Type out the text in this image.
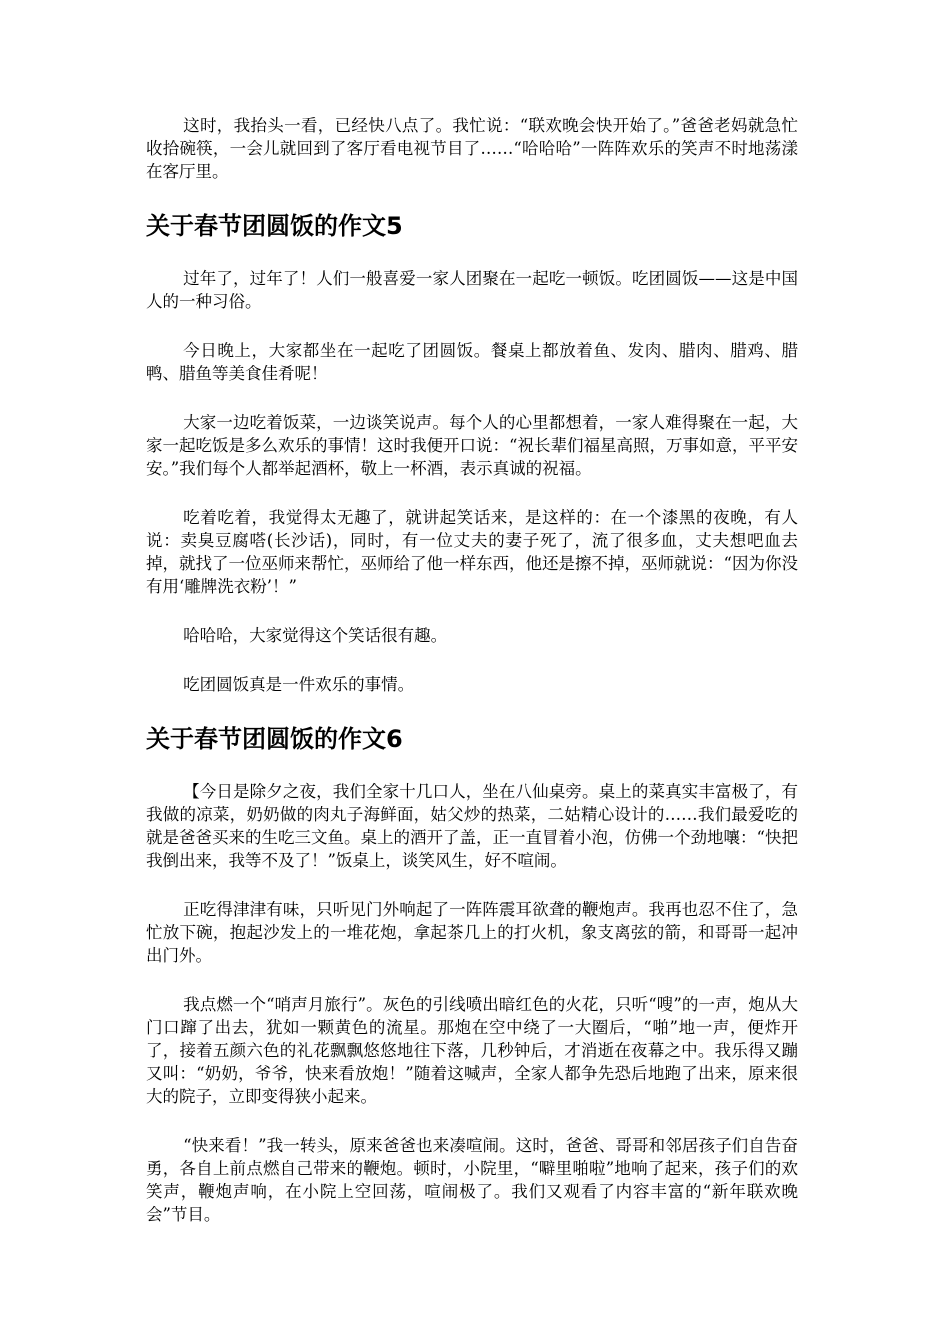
这时，我抬头一看，已经快八点了。我忙说：“联欢晚会快开始了。”爸爸老妈就急忙收拾碗筷，一会儿就回到了客厅看电视节目了……“哈哈哈”一阵阵欢乐的笑声不时地荡漾在客厅里。

关于春节团圆饭的作文5

过年了，过年了！人们一般喜爱一家人团聚在一起吃一顿饭。吃团圆饭——这是中国人的一种习俗。

今日晚上，大家都坐在一起吃了团圆饭。餐桌上都放着鱼、发肉、腊肉、腊鸡、腊鸭、腊鱼等美食佳肴呢！

大家一边吃着饭菜，一边谈笑说声。每个人的心里都想着，一家人难得聚在一起，大家一起吃饭是多么欢乐的事情！这时我便开口说：“祝长辈们福星高照，万事如意，平平安安。”我们每个人都举起酒杯，敬上一杯酒，表示真诚的祝福。

吃着吃着，我觉得太无趣了，就讲起笑话来，是这样的：在一个漆黑的夜晚，有人说：卖臭豆腐嗒(长沙话)，同时，有一位丈夫的妻子死了，流了很多血，丈夫想吧血去掉，就找了一位巫师来帮忙，巫师给了他一样东西，他还是擦不掉，巫师就说：“因为你没有用‘雕牌洗衣粉’！”

哈哈哈，大家觉得这个笑话很有趣。

吃团圆饭真是一件欢乐的事情。

关于春节团圆饭的作文6

【今日是除夕之夜，我们全家十几口人，坐在八仙桌旁。桌上的菜真实丰富极了，有我做的凉菜，奶奶做的肉丸子海鲜面，姑父炒的热菜，二姑精心设计的……我们最爱吃的就是爸爸买来的生吃三文鱼。桌上的酒开了盖，正一直冒着小泡，仿佛一个劲地嚷：“快把我倒出来，我等不及了！”饭桌上，谈笑风生，好不喧闹。

正吃得津津有味，只听见门外响起了一阵阵震耳欲聋的鞭炮声。我再也忍不住了，急忙放下碗，抱起沙发上的一堆花炮，拿起茶几上的打火机，象支离弦的箭，和哥哥一起冲出门外。

我点燃一个“哨声月旅行”。灰色的引线喷出暗红色的火花，只听“嗖”的一声，炮从大门口蹿了出去，犹如一颗黄色的流星。那炮在空中绕了一大圈后，“啪”地一声，便炸开了，接着五颜六色的礼花飘飘悠悠地往下落，几秒钟后，才消逝在夜幕之中。我乐得又蹦又叫：“奶奶，爷爷，快来看放炮！”随着这喊声，全家人都争先恐后地跑了出来，原来很大的院子，立即变得狭小起来。

“快来看！”我一转头，原来爸爸也来凑喧闹。这时，爸爸、哥哥和邻居孩子们自告奋勇，各自上前点燃自己带来的鞭炮。顿时，小院里，“噼里啪啦”地响了起来，孩子们的欢笑声，鞭炮声响，在小院上空回荡，喧闹极了。我们又观看了内容丰富的“新年联欢晚会”节目。
